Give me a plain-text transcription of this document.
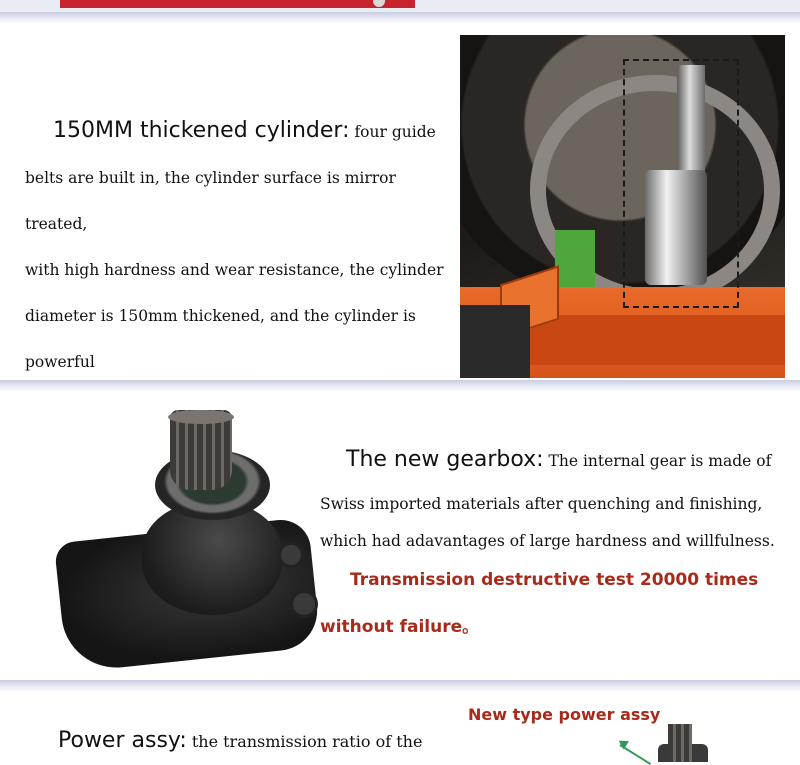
150MM thickened cylinder: four guide
belts are built in, the cylinder surface is mirror treated,
with high hardness and wear resistance, the cylinder
diameter is 150mm thickened, and the cylinder is
powerful
The new gearbox: The internal gear is made of
Swiss imported materials after quenching and finishing,
which had adavantages of large hardness and willfulness.
Transmission destructive test 20000 times
without failure。
New type power assy
Power assy: the transmission ratio of the
